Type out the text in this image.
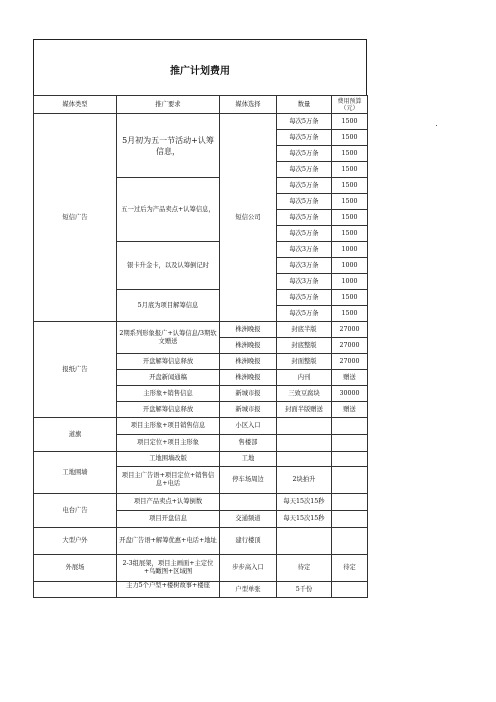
推广计划费用
媒体类型	推广要求	媒体选择	数量	费用预算（元）
短信广告	5月初为五一节活动+认筹信息，	短信公司	每次5万条	1500
			每次5万条	1500
			每次5万条	1500
			每次5万条	1500
	五一过后为产品卖点+认筹信息，		每次5万条	1500
			每次5万条	1500
			每次5万条	1500
			每次5万条	1500
	银卡升金卡，以及认筹倒记时		每次3万条	1000
			每次3万条	1000
			每次3万条	1000
	5月底为项目解筹信息		每次5万条	1500
			每次5万条	1500
报纸广告	2期系列形象报广+认筹信息/3期软文赠送	株洲晚报	封底半版	27000
		株洲晚报	封底整版	27000
	开盘解筹信息释放	株洲晚报	封面整版	27000
	开盘新闻通稿	株洲晚报	内刊	赠送
	主形象+销售信息	新城市报	三致豆腐块	30000
	开盘解筹信息释放	新城市报	封面半版赠送	赠送
道旗	项目主形象+项目销售信息	小区入口		
	项目定位+项目主形象	售楼部		
工地围墙	工地围墙改版	工地		
	项目主广告语+项目定位+销售信息+电话	停车场周边	2块拍升	
电台广告	项目产品卖点+认筹倒数		每天15次15秒	
	项目开盘信息	交通频道	每天15次15秒	
大型户外	开盘广告语+解筹优惠+电话+地址	建行楼顶		
外展场	2-3组展架，项目主画面+主定位+鸟瞰图+区域图	步步高入口	待定	待定
	主力5个户型+楼树故事+楼座	户型单张	5千份	
